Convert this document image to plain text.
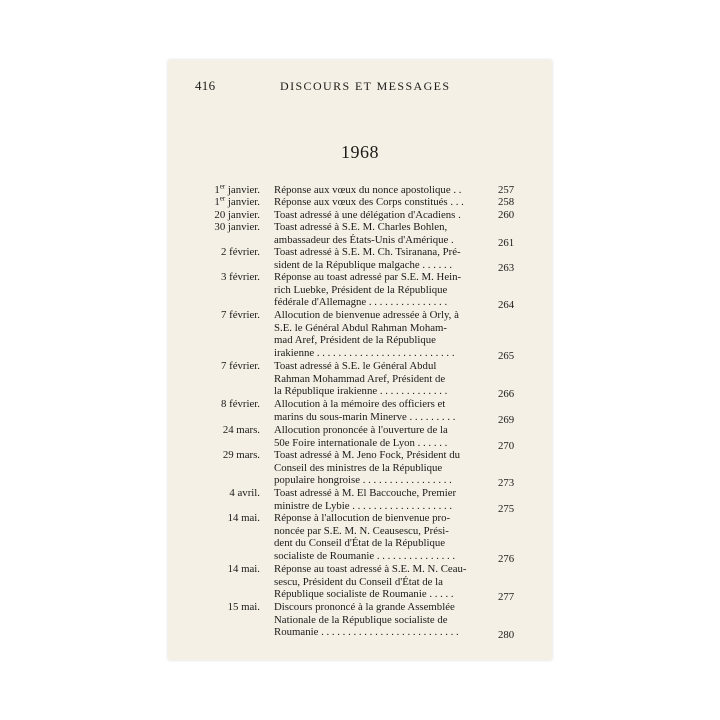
416	DISCOURS ET MESSAGES
1968
1er janvier. Réponse aux vœux du nonce apostolique . .	257
1er janvier. Réponse aux vœux des Corps constitués . . .	258
20 janvier. Toast adressé à une délégation d'Acadiens .	260
30 janvier. Toast adressé à S.E. M. Charles Bohlen,
ambassadeur des États-Unis d'Amérique .	261
2 février. Toast adressé à S.E. M. Ch. Tsiranana, Pré-
sident de la République malgache . . . . . .	263
3 février. Réponse au toast adressé par S.E. M. Hein-
rich Luebke, Président de la République
fédérale d'Allemagne . . . . . . . . . . . . . . .	264
7 février. Allocution de bienvenue adressée à Orly, à
S.E. le Général Abdul Rahman Moham-
mad Aref, Président de la République
irakienne . . . . . . . . . . . . . . . . . . . . . . . . . .	265
7 février. Toast adressé à S.E. le Général Abdul
Rahman Mohammad Aref, Président de
la République irakienne . . . . . . . . . . . . .	266
8 février. Allocution à la mémoire des officiers et
marins du sous-marin Minerve . . . . . . . . .	269
24 mars. Allocution prononcée à l'ouverture de la
50e Foire internationale de Lyon . . . . . .	270
29 mars. Toast adressé à M. Jeno Fock, Président du
Conseil des ministres de la République
populaire hongroise . . . . . . . . . . . . . . . . .	273
4 avril. Toast adressé à M. El Baccouche, Premier
ministre de Lybie . . . . . . . . . . . . . . . . . . .	275
14 mai. Réponse à l'allocution de bienvenue pro-
noncée par S.E. M. N. Ceausescu, Prési-
dent du Conseil d'État de la République
socialiste de Roumanie . . . . . . . . . . . . . . .	276
14 mai. Réponse au toast adressé à S.E. M. N. Ceau-
sescu, Président du Conseil d'État de la
République socialiste de Roumanie . . . . .	277
15 mai. Discours prononcé à la grande Assemblée
Nationale de la République socialiste de
Roumanie . . . . . . . . . . . . . . . . . . . . . . . . . .	280
